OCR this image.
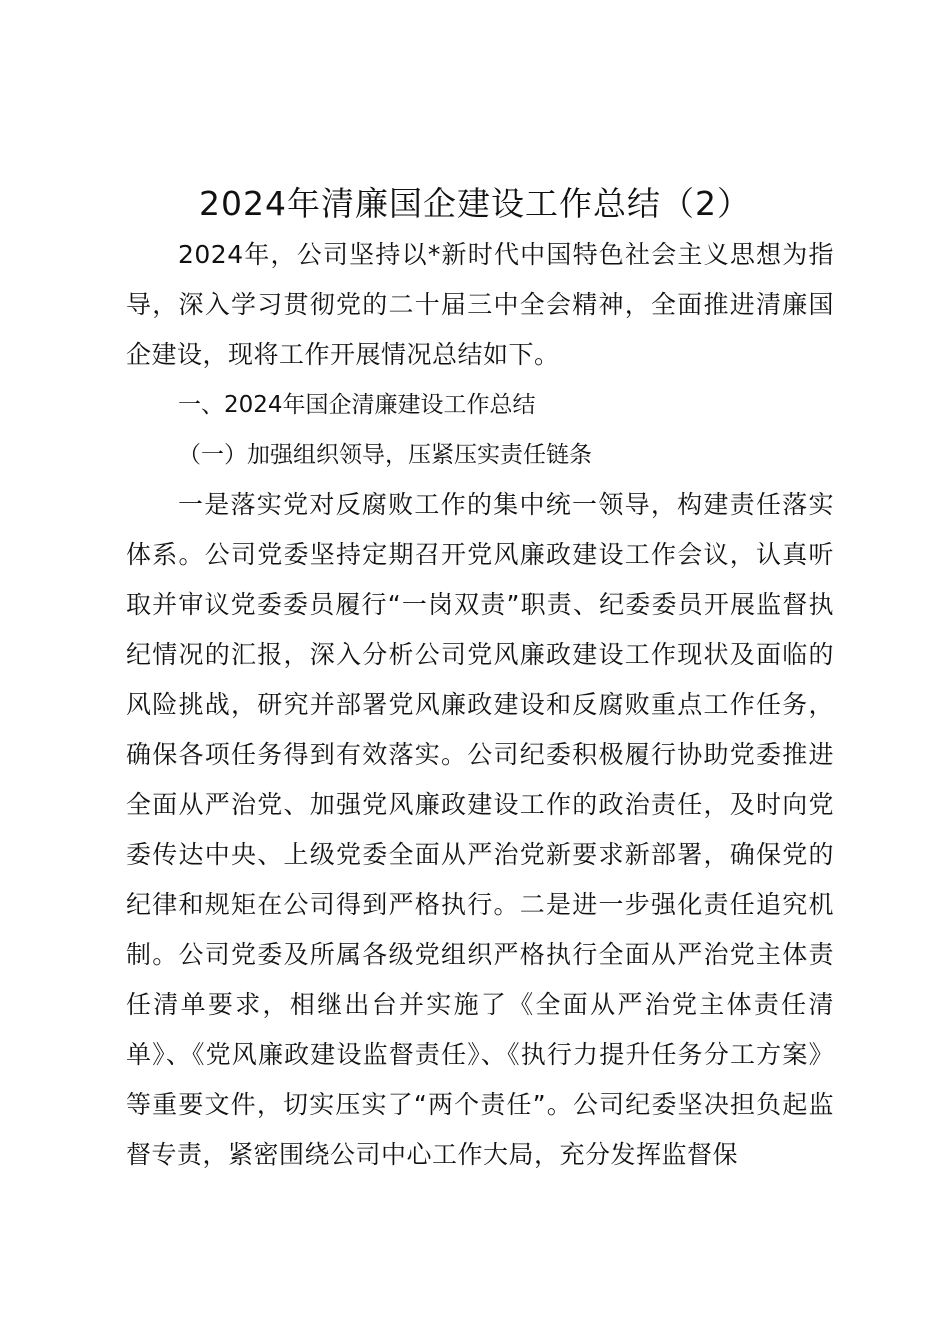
2024年清廉国企建设工作总结（2）
2024年，公司坚持以*新时代中国特色社会主义思想为指导，深入学习贯彻党的二十届三中全会精神，全面推进清廉国企建设，现将工作开展情况总结如下。
一、2024年国企清廉建设工作总结
（一）加强组织领导，压紧压实责任链条
一是落实党对反腐败工作的集中统一领导，构建责任落实体系。公司党委坚持定期召开党风廉政建设工作会议，认真听取并审议党委委员履行“一岗双责”职责、纪委委员开展监督执纪情况的汇报，深入分析公司党风廉政建设工作现状及面临的风险挑战，研究并部署党风廉政建设和反腐败重点工作任务，确保各项任务得到有效落实。公司纪委积极履行协助党委推进全面从严治党、加强党风廉政建设工作的政治责任，及时向党委传达中央、上级党委全面从严治党新要求新部署，确保党的纪律和规矩在公司得到严格执行。二是进一步强化责任追究机制。公司党委及所属各级党组织严格执行全面从严治党主体责任清单要求，相继出台并实施了《全面从严治党主体责任清单》、《党风廉政建设监督责任》、《执行力提升任务分工方案》等重要文件，切实压实了“两个责任”。公司纪委坚决担负起监督专责，紧密围绕公司中心工作大局，充分发挥监督保
